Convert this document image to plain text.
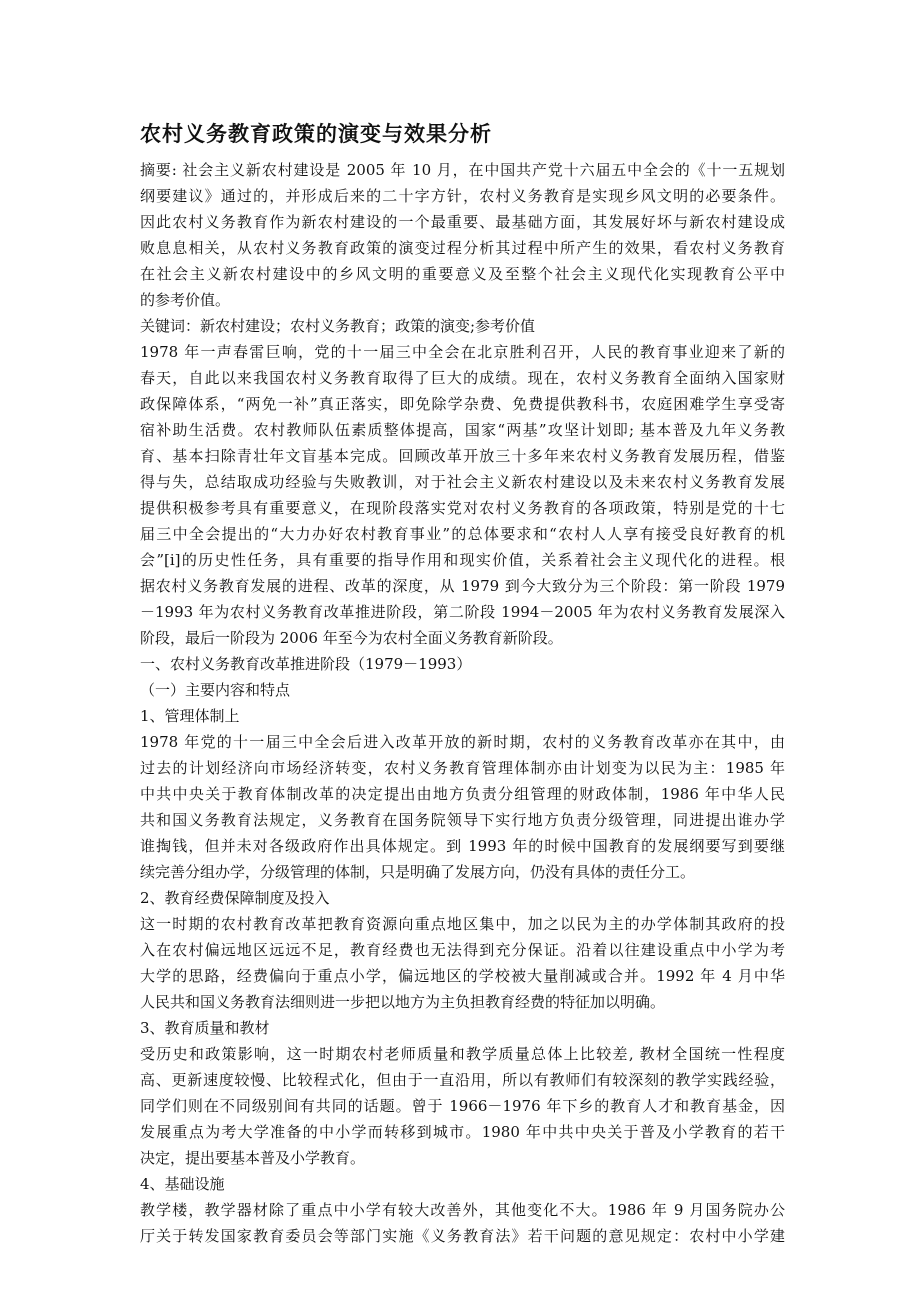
农村义务教育政策的演变与效果分析
摘要: 社会主义新农村建设是 2005 年 10 月，在中国共产党十六届五中全会的《十一五规划
纲要建议》通过的，并形成后来的二十字方针，农村义务教育是实现乡风文明的必要条件。
因此农村义务教育作为新农村建设的一个最重要、最基础方面，其发展好坏与新农村建设成
败息息相关，从农村义务教育政策的演变过程分析其过程中所产生的效果，看农村义务教育
在社会主义新农村建设中的乡风文明的重要意义及至整个社会主义现代化实现教育公平中
的参考价值。
关键词：新农村建设；农村义务教育；政策的演变;参考价值
1978 年一声春雷巨响，党的十一届三中全会在北京胜利召开，人民的教育事业迎来了新的
春天，自此以来我国农村义务教育取得了巨大的成绩。现在，农村义务教育全面纳入国家财
政保障体系，“两免一补”真正落实，即免除学杂费、免费提供教科书，农庭困难学生享受寄
宿补助生活费。农村教师队伍素质整体提高，国家“两基”攻坚计划即; 基本普及九年义务教
育、基本扫除青壮年文盲基本完成。回顾改革开放三十多年来农村义务教育发展历程，借鉴
得与失，总结取成功经验与失败教训，对于社会主义新农村建设以及未来农村义务教育发展
提供积极参考具有重要意义，在现阶段落实党对农村义务教育的各项政策，特别是党的十七
届三中全会提出的“大力办好农村教育事业”的总体要求和“农村人人享有接受良好教育的机
会”[i]的历史性任务，具有重要的指导作用和现实价值，关系着社会主义现代化的进程。根
据农村义务教育发展的进程、改革的深度，从 1979 到今大致分为三个阶段：第一阶段 1979
－1993 年为农村义务教育改革推进阶段，第二阶段 1994－2005 年为农村义务教育发展深入
阶段，最后一阶段为 2006 年至今为农村全面义务教育新阶段。
一、农村义务教育改革推进阶段（1979－1993）
（一）主要内容和特点
1、管理体制上
1978 年党的十一届三中全会后进入改革开放的新时期，农村的义务教育改革亦在其中，由
过去的计划经济向市场经济转变，农村义务教育管理体制亦由计划变为以民为主：1985 年
中共中央关于教育体制改革的决定提出由地方负责分组管理的财政体制，1986 年中华人民
共和国义务教育法规定，义务教育在国务院领导下实行地方负责分级管理，同进提出谁办学
谁掏钱，但并未对各级政府作出具体规定。到 1993 年的时候中国教育的发展纲要写到要继
续完善分组办学，分级管理的体制，只是明确了发展方向，仍没有具体的责任分工。
2、教育经费保障制度及投入
这一时期的农村教育改革把教育资源向重点地区集中，加之以民为主的办学体制其政府的投
入在农村偏远地区远远不足，教育经费也无法得到充分保证。沿着以往建设重点中小学为考
大学的思路，经费偏向于重点小学，偏远地区的学校被大量削减或合并。1992 年 4 月中华
人民共和国义务教育法细则进一步把以地方为主负担教育经费的特征加以明确。
3、教育质量和教材
受历史和政策影响，这一时期农村老师质量和教学质量总体上比较差, 教材全国统一性程度
高、更新速度较慢、比较程式化，但由于一直沿用，所以有教师们有较深刻的教学实践经验，
同学们则在不同级别间有共同的话题。曾于 1966－1976 年下乡的教育人才和教育基金，因
发展重点为考大学准备的中小学而转移到城市。1980 年中共中央关于普及小学教育的若干
决定，提出要基本普及小学教育。
4、基础设施
教学楼，教学器材除了重点中小学有较大改善外，其他变化不大。1986 年 9 月国务院办公
厅关于转发国家教育委员会等部门实施《义务教育法》若干问题的意见规定：农村中小学建
